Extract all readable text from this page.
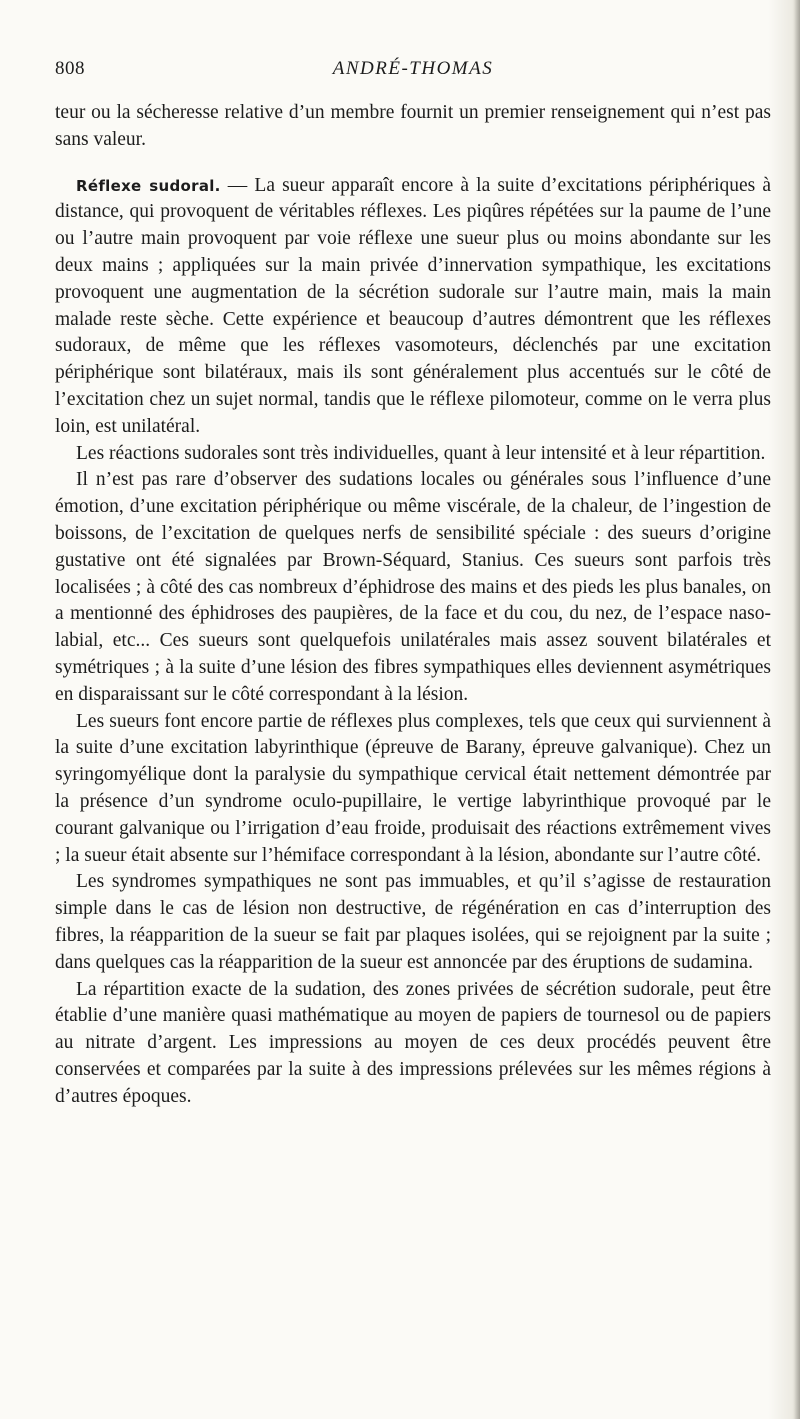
808	ANDRÉ-THOMAS

teur ou la sécheresse relative d’un membre fournit un premier renseignement qui n’est pas sans valeur.

Réflexe sudoral. — La sueur apparaît encore à la suite d’excitations périphériques à distance, qui provoquent de véritables réflexes. Les piqûres répétées sur la paume de l’une ou l’autre main provoquent par voie réflexe une sueur plus ou moins abondante sur les deux mains ; appliquées sur la main privée d’innervation sympathique, les excitations provoquent une augmentation de la sécrétion sudorale sur l’autre main, mais la main malade reste sèche. Cette expérience et beaucoup d’autres démontrent que les réflexes sudoraux, de même que les réflexes vasomoteurs, déclenchés par une excitation périphérique sont bilatéraux, mais ils sont généralement plus accentués sur le côté de l’excitation chez un sujet normal, tandis que le réflexe pilomoteur, comme on le verra plus loin, est unilatéral.

Les réactions sudorales sont très individuelles, quant à leur intensité et à leur répartition.

Il n’est pas rare d’observer des sudations locales ou générales sous l’influence d’une émotion, d’une excitation périphérique ou même viscérale, de la chaleur, de l’ingestion de boissons, de l’excitation de quelques nerfs de sensibilité spéciale : des sueurs d’origine gustative ont été signalées par Brown-Séquard, Stanius. Ces sueurs sont parfois très localisées ; à côté des cas nombreux d’éphidrose des mains et des pieds les plus banales, on a mentionné des éphidroses des paupières, de la face et du cou, du nez, de l’espace naso-labial, etc... Ces sueurs sont quelquefois unilatérales mais assez souvent bilatérales et symétriques ; à la suite d’une lésion des fibres sympathiques elles deviennent asymétriques en disparaissant sur le côté correspondant à la lésion.

Les sueurs font encore partie de réflexes plus complexes, tels que ceux qui surviennent à la suite d’une excitation labyrinthique (épreuve de Barany, épreuve galvanique). Chez un syringomyélique dont la paralysie du sympathique cervical était nettement démontrée par la présence d’un syndrome oculo-pupillaire, le vertige labyrinthique provoqué par le courant galvanique ou l’irrigation d’eau froide, produisait des réactions extrêmement vives ; la sueur était absente sur l’hémiface correspondant à la lésion, abondante sur l’autre côté.

Les syndromes sympathiques ne sont pas immuables, et qu’il s’agisse de restauration simple dans le cas de lésion non destructive, de régénération en cas d’interruption des fibres, la réapparition de la sueur se fait par plaques isolées, qui se rejoignent par la suite ; dans quelques cas la réapparition de la sueur est annoncée par des éruptions de sudamina.

La répartition exacte de la sudation, des zones privées de sécrétion sudorale, peut être établie d’une manière quasi mathématique au moyen de papiers de tournesol ou de papiers au nitrate d’argent. Les impressions au moyen de ces deux procédés peuvent être conservées et comparées par la suite à des impressions prélevées sur les mêmes régions à d’autres époques.
